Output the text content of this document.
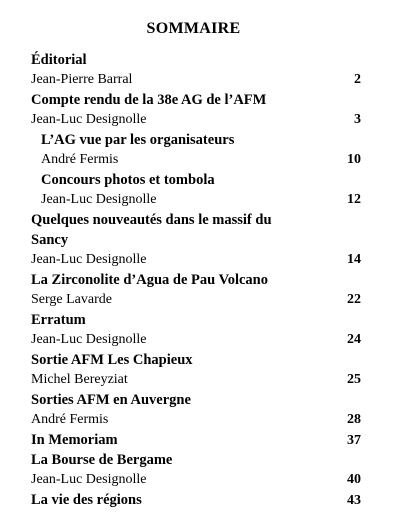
SOMMAIRE
Éditorial
Jean-Pierre Barral	2
Compte rendu de la 38e AG de l’AFM
Jean-Luc Designolle	3
L’AG vue par les organisateurs
André Fermis	10
Concours photos et tombola
Jean-Luc Designolle	12
Quelques nouveautés dans le massif du
Sancy
Jean-Luc Designolle	14
La Zirconolite d’Agua de Pau Volcano
Serge Lavarde	22
Erratum
Jean-Luc Designolle	24
Sortie AFM Les Chapieux
Michel Bereyziat	25
Sorties AFM en Auvergne
André Fermis	28
In Memoriam	37
La Bourse de Bergame
Jean-Luc Designolle	40
La vie des régions	43
